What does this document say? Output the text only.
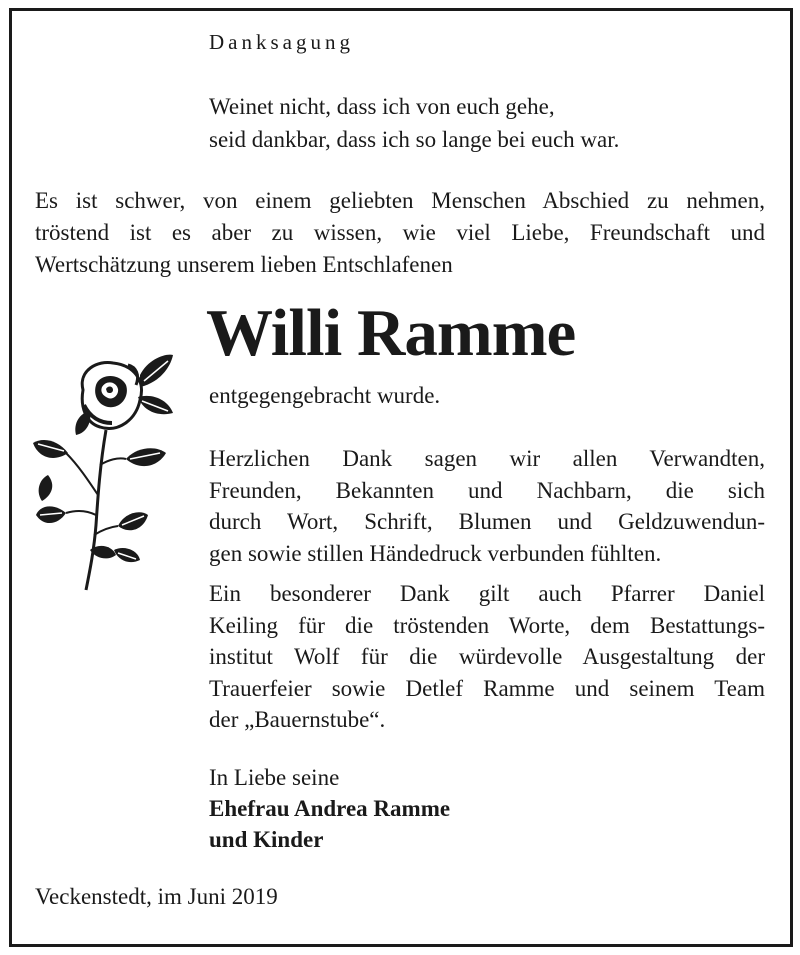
Danksagung
Weinet nicht, dass ich von euch gehe,
seid dankbar, dass ich so lange bei euch war.
Es ist schwer, von einem geliebten Menschen Abschied zu nehmen,
tröstend ist es aber zu wissen, wie viel Liebe, Freundschaft und
Wertschätzung unserem lieben Entschlafenen
Willi Ramme
entgegengebracht wurde.
Herzlichen Dank sagen wir allen Verwandten,
Freunden, Bekannten und Nachbarn, die sich
durch Wort, Schrift, Blumen und Geldzuwendun-
gen sowie stillen Händedruck verbunden fühlten.
Ein besonderer Dank gilt auch Pfarrer Daniel
Keiling für die tröstenden Worte, dem Bestattungs-
institut Wolf für die würdevolle Ausgestaltung der
Trauerfeier sowie Detlef Ramme und seinem Team
der „Bauernstube“.
In Liebe seine
Ehefrau Andrea Ramme
und Kinder
Veckenstedt, im Juni 2019
